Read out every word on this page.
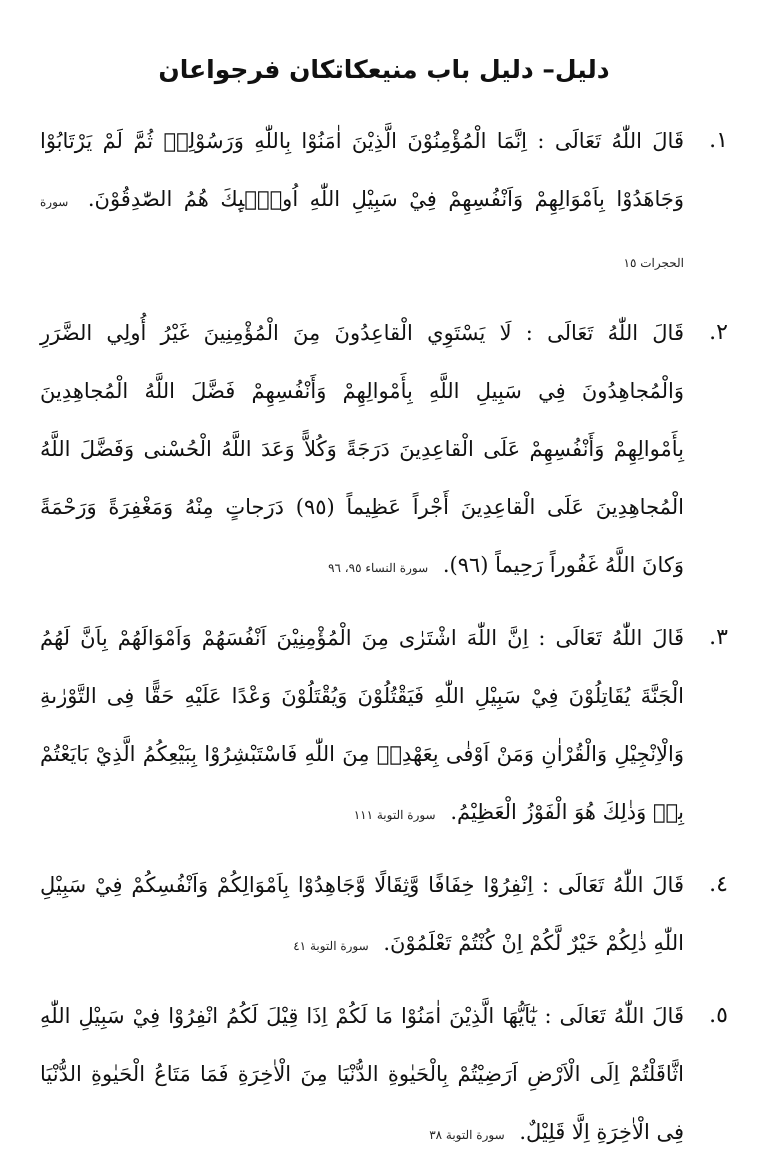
دليل– دليل باب منيعكاتكان فرجواعان
١.

قَالَ اللّٰهُ تَعَالَى : اِنَّمَا الْمُؤْمِنُوْنَ الَّذِيْنَ اٰمَنُوْا بِاللّٰهِ وَرَسُوْلِهٖ ثُمَّ لَمْ يَرْتَابُوْا وَجَاهَدُوْا بِاَمْوَالِهِمْ وَاَنْفُسِهِمْ فِيْ سَبِيْلِ اللّٰهِ اُولٰۤىِٕكَ هُمُ الصّٰدِقُوْنَ. سورة الحجرات ١٥

٢.

قَالَ اللّٰهُ تَعَالَى : لَا يَسْتَوِي الْقاعِدُونَ مِنَ الْمُؤْمِنِينَ غَيْرُ أُولِي الضَّرَرِ وَالْمُجاهِدُونَ فِي سَبِيلِ اللَّهِ بِأَمْوالِهِمْ وَأَنْفُسِهِمْ فَضَّلَ اللَّهُ الْمُجاهِدِينَ بِأَمْوالِهِمْ وَأَنْفُسِهِمْ عَلَى الْقاعِدِينَ دَرَجَةً وَكُلاًّ وَعَدَ اللَّهُ الْحُسْنى وَفَضَّلَ اللَّهُ الْمُجاهِدِينَ عَلَى الْقاعِدِينَ أَجْراً عَظِيماً (٩٥) دَرَجاتٍ مِنْهُ وَمَغْفِرَةً وَرَحْمَةً وَكانَ اللَّهُ غَفُوراً رَحِيماً (٩٦). سورة النساء ٩٥، ٩٦

٣.

قَالَ اللّٰهُ تَعَالَى : اِنَّ اللّٰهَ اشْتَرٰى مِنَ الْمُؤْمِنِيْنَ اَنْفُسَهُمْ وَاَمْوَالَهُمْ بِاَنَّ لَهُمُ الْجَنَّةَ يُقَاتِلُوْنَ فِيْ سَبِيْلِ اللّٰهِ فَيَقْتُلُوْنَ وَيُقْتَلُوْنَ وَعْدًا عَلَيْهِ حَقًّا فِى التَّوْرٰىةِ وَالْاِنْجِيْلِ وَالْقُرْاٰنِ وَمَنْ اَوْفٰى بِعَهْدِهٖ مِنَ اللّٰهِ فَاسْتَبْشِرُوْا بِبَيْعِكُمُ الَّذِيْ بَايَعْتُمْ بِهٖ وَذٰلِكَ هُوَ الْفَوْزُ الْعَظِيْمُ. سورة التوبة ١١١

٤.

قَالَ اللّٰهُ تَعَالَى : اِنْفِرُوْا خِفَافًا وَّثِقَالًا وَّجَاهِدُوْا بِاَمْوَالِكُمْ وَاَنْفُسِكُمْ فِيْ سَبِيْلِ اللّٰهِ ذٰلِكُمْ خَيْرٌ لَّكُمْ اِنْ كُنْتُمْ تَعْلَمُوْنَ. سورة التوبة ٤١

٥.

قَالَ اللّٰهُ تَعَالَى : يٰٓاَيُّهَا الَّذِيْنَ اٰمَنُوْا مَا لَكُمْ اِذَا قِيْلَ لَكُمُ انْفِرُوْا فِيْ سَبِيْلِ اللّٰهِ اثَّاقَلْتُمْ اِلَى الْاَرْضِ اَرَضِيْتُمْ بِالْحَيٰوةِ الدُّنْيَا مِنَ الْاٰخِرَةِ فَمَا مَتَاعُ الْحَيٰوةِ الدُّنْيَا فِى الْاٰخِرَةِ اِلَّا قَلِيْلٌ. سورة التوبة ٣٨
